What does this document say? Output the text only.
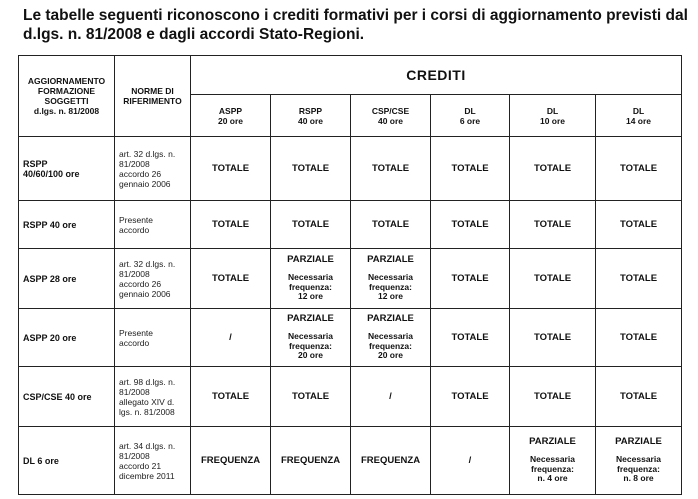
Le tabelle seguenti riconoscono i crediti formativi per i corsi di aggiornamento previsti dal d.lgs. n. 81/2008 e dagli accordi Stato-Regioni.

AGGIORNAMENTO
FORMAZIONE
SOGGETTI
d.lgs. n. 81/2008	NORME DI
RIFERIMENTO	CREDITI					
		ASPP
20 ore	RSPP
40 ore	CSP/CSE
40 ore	DL
6 ore	DL
10 ore	DL
14 ore
RSPP
40/60/100 ore	art. 32 d.lgs. n.
81/2008
accordo 26
gennaio 2006	TOTALE	TOTALE	TOTALE	TOTALE	TOTALE	TOTALE

RSPP 40 ore	Presente
accordo	TOTALE	TOTALE	TOTALE	TOTALE	TOTALE	TOTALE

ASPP 28 ore	art. 32 d.lgs. n.
81/2008
accordo 26
gennaio 2006	TOTALE	PARZIALE
Necessaria
frequenza:
12 ore	PARZIALE
Necessaria
frequenza:
12 ore	TOTALE	TOTALE	TOTALE

ASPP 20 ore	Presente
accordo	/	PARZIALE
Necessaria
frequenza:
20 ore	PARZIALE
Necessaria
frequenza:
20 ore	TOTALE	TOTALE	TOTALE

CSP/CSE 40 ore	art. 98 d.lgs. n.
81/2008
allegato XIV d.
lgs. n. 81/2008	TOTALE	TOTALE	/	TOTALE	TOTALE	TOTALE

DL 6 ore	art. 34 d.lgs. n.
81/2008
accordo 21
dicembre 2011	FREQUENZA	FREQUENZA	FREQUENZA	/	PARZIALE
Necessaria
frequenza:
n. 4 ore	PARZIALE
Necessaria
frequenza:
n. 8 ore
